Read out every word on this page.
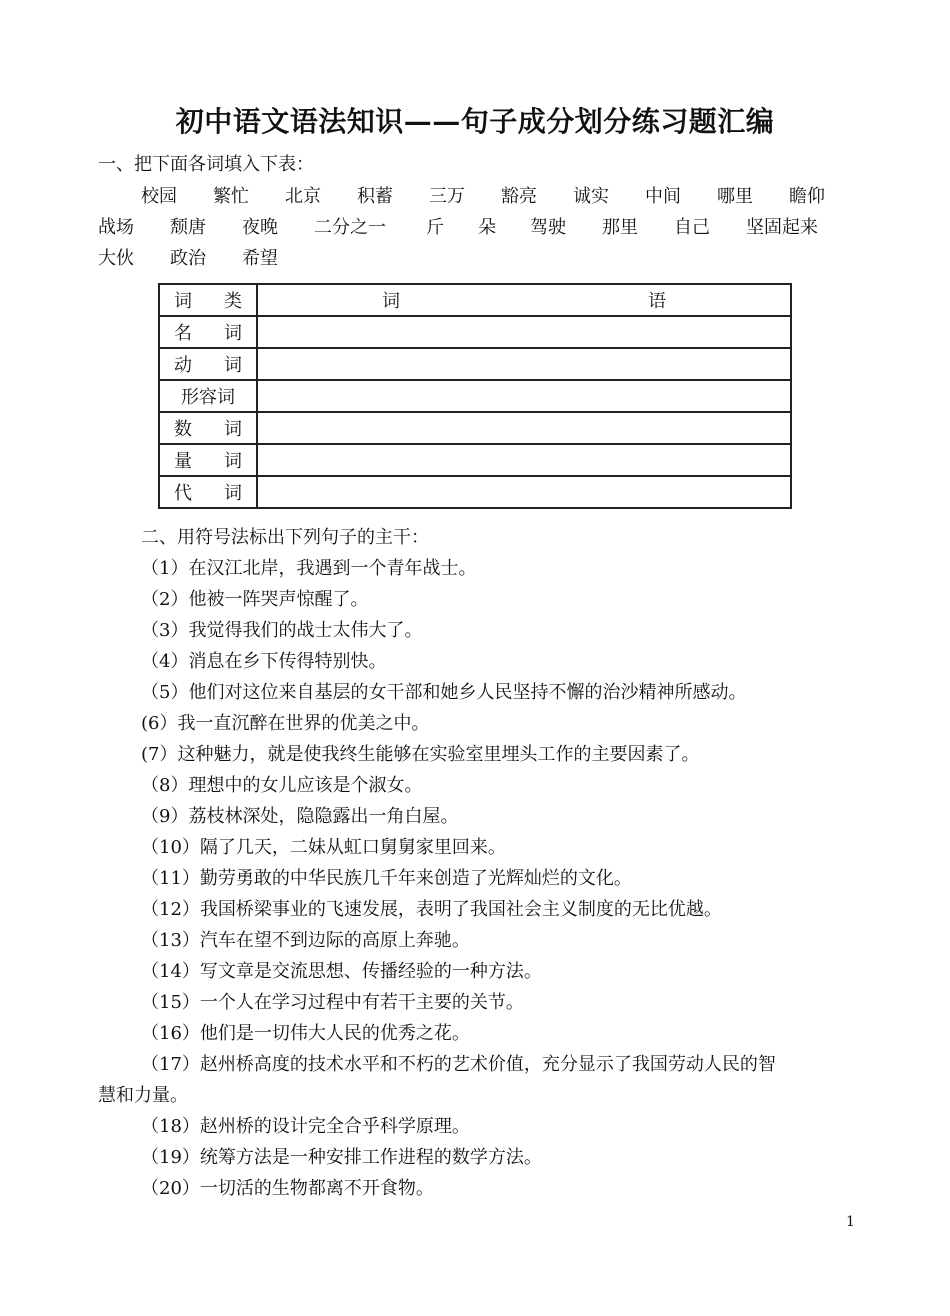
初中语文语法知识——句子成分划分练习题汇编
一、把下面各词填入下表：
校园 繁忙 北京 积蓄 三万 豁亮 诚实 中间 哪里 瞻仰
战场 颓唐 夜晚 二分之一 斤 朵 驾驶 那里 自己 坚固起来
大伙 政治 希望
词 类	词 语

名 词	

动 词	

形容词	

数 词	

量 词	

代 词	

二、用符号法标出下列句子的主干：
（1）在汉江北岸，我遇到一个青年战士。
（2）他被一阵哭声惊醒了。
（3）我觉得我们的战士太伟大了。
（4）消息在乡下传得特别快。
（5）他们对这位来自基层的女干部和她乡人民坚持不懈的治沙精神所感动。
(6）我一直沉醉在世界的优美之中。
(7）这种魅力，就是使我终生能够在实验室里埋头工作的主要因素了。
（8）理想中的女儿应该是个淑女。
（9）荔枝林深处，隐隐露出一角白屋。
（10）隔了几天，二妹从虹口舅舅家里回来。
（11）勤劳勇敢的中华民族几千年来创造了光辉灿烂的文化。
（12）我国桥梁事业的飞速发展，表明了我国社会主义制度的无比优越。
（13）汽车在望不到边际的高原上奔驰。
（14）写文章是交流思想、传播经验的一种方法。
（15）一个人在学习过程中有若干主要的关节。
（16）他们是一切伟大人民的优秀之花。
（17）赵州桥高度的技术水平和不朽的艺术价值，充分显示了我国劳动人民的智
慧和力量。
（18）赵州桥的设计完全合乎科学原理。
（19）统筹方法是一种安排工作进程的数学方法。
（20）一切活的生物都离不开食物。
1
